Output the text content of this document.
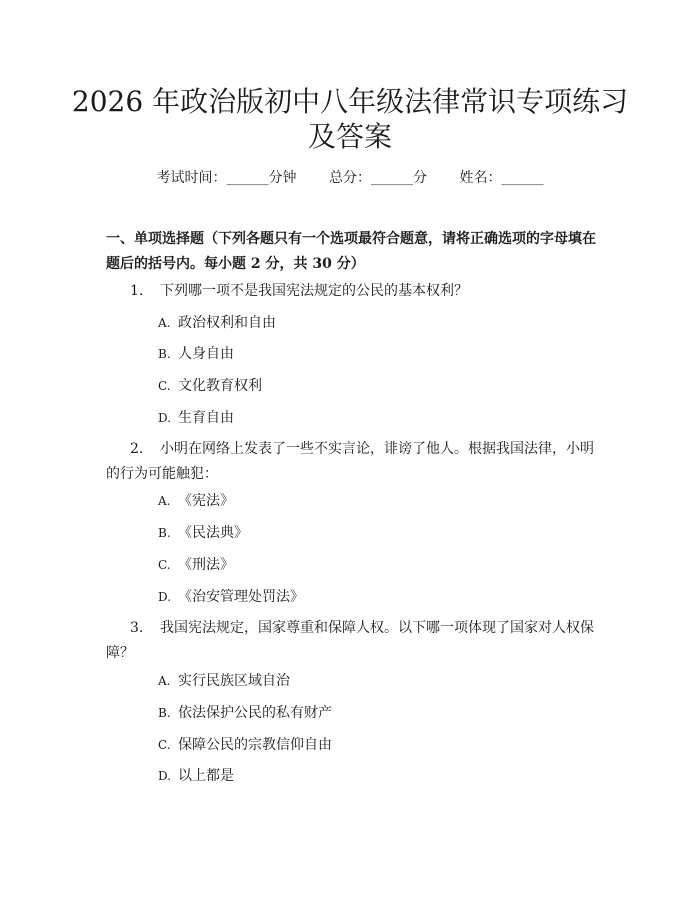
2026 年政治版初中八年级法律常识专项练习
及答案
考试时间：______分钟 总分：______分 姓名：______

一、单项选择题（下列各题只有一个选项最符合题意，请将正确选项的字母填在题后的括号内。每小题 2 分，共 30 分）

1. 下列哪一项不是我国宪法规定的公民的基本权利？

A. 政治权利和自由
B. 人身自由
C. 文化教育权利
D. 生育自由

2. 小明在网络上发表了一些不实言论，诽谤了他人。根据我国法律，小明的行为可能触犯：

A. 《宪法》
B. 《民法典》
C. 《刑法》
D. 《治安管理处罚法》

3. 我国宪法规定，国家尊重和保障人权。以下哪一项体现了国家对人权保障？

A. 实行民族区域自治
B. 依法保护公民的私有财产
C. 保障公民的宗教信仰自由
D. 以上都是
